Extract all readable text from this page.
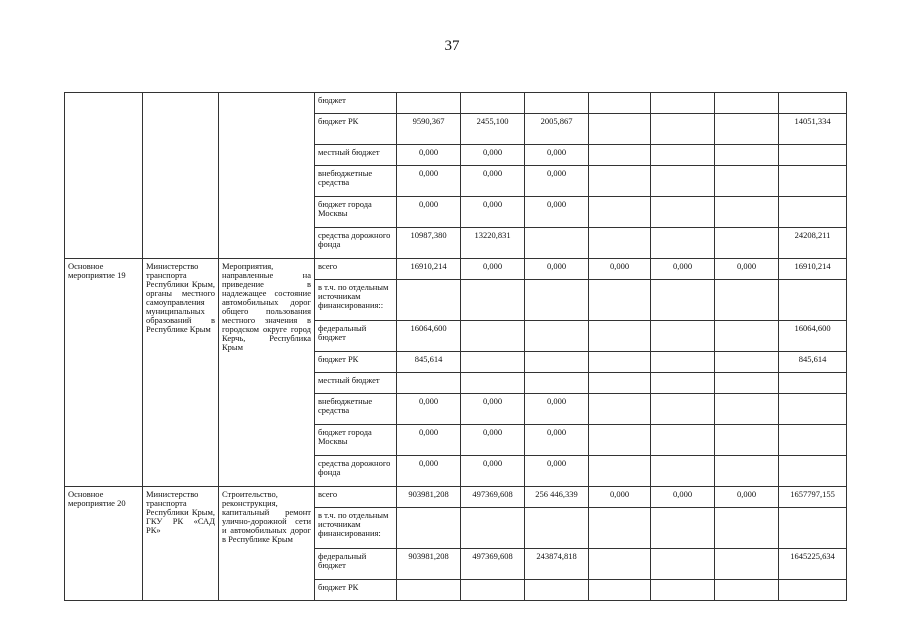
37
			бюджет							
			бюджет РК	9590,367	2455,100	2005,867				14051,334
			местный бюджет	0,000	0,000	0,000				
			внебюджетные средства	0,000	0,000	0,000				
			бюджет города Москвы	0,000	0,000	0,000				
			средства дорожного фонда	10987,380	13220,831					24208,211
Основное мероприятие 19	Министерство транспорта Республики Крым, органы местного самоуправления муниципальных образований в Республике Крым	Мероприятия, направленные на приведение в надлежащее состояние автомобильных дорог общего пользования местного значения в городском округе город Керчь, Республика Крым	всего	16910,214	0,000	0,000	0,000	0,000	0,000	16910,214
			в т.ч. по отдельным источникам финансирования::							
			федеральный бюджет	16064,600						16064,600
			бюджет РК	845,614						845,614
			местный бюджет							
			внебюджетные средства	0,000	0,000	0,000				
			бюджет города Москвы	0,000	0,000	0,000				
			средства дорожного фонда	0,000	0,000	0,000				
Основное мероприятие 20	Министерство транспорта Республики Крым, ГКУ РК «САД РК»	Строительство, реконструкция, капитальный ремонт улично-дорожной сети и автомобильных дорог в Республике Крым	всего	903981,208	497369,608	256 446,339	0,000	0,000	0,000	1657797,155
			в т.ч. по отдельным источникам финансирования:							
			федеральный бюджет	903981,208	497369,608	243874,818				1645225,634
			бюджет РК							
